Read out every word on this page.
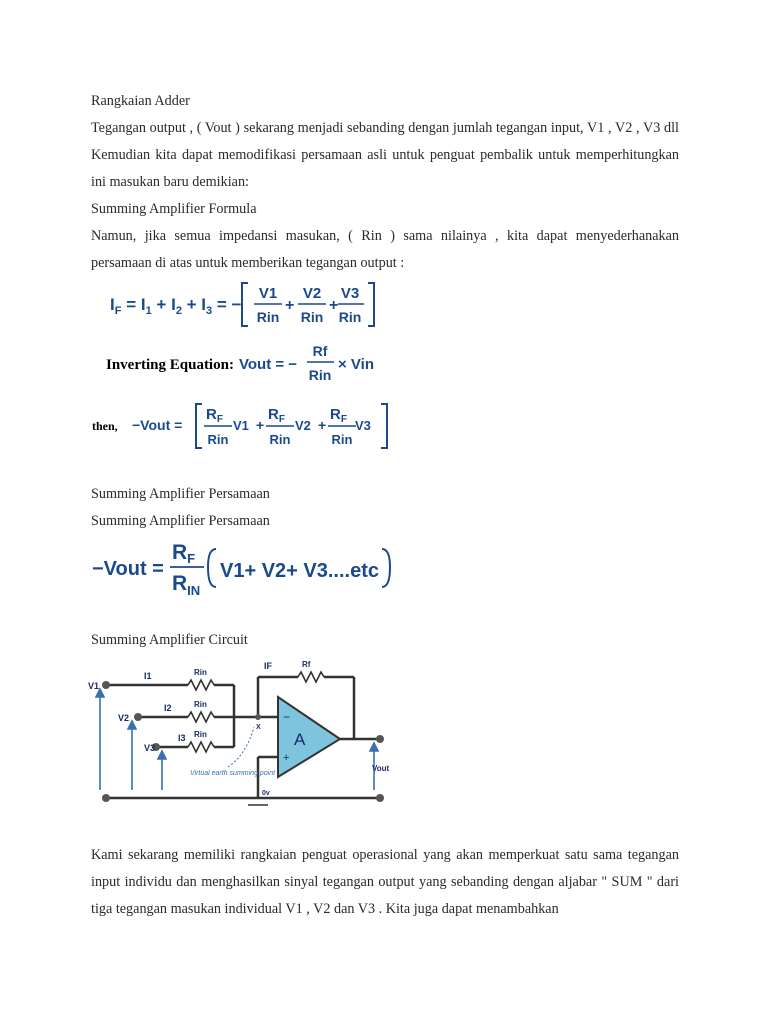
Rangkaian Adder

Tegangan output , ( Vout ) sekarang menjadi sebanding dengan jumlah tegangan input, V1 , V2 , V3 dll Kemudian kita dapat memodifikasi persamaan asli untuk penguat pembalik untuk memperhitungkan ini masukan baru demikian:

Summing Amplifier Formula

Namun, jika semua impedansi masukan, ( Rin ) sama nilainya , kita dapat menyederhanakan persamaan di atas untuk memberikan tegangan output :

$I_F = I_1 + I_2 + I_3$ = −
V1
Rin
+
V2
Rin
+
V3
Rin
Inverting Equation: Vout = −
Rf
Rin
× Vin
then, −Vout =
$R_F$
Rin
V1 +
$R_F$
Rin
V2 +
$R_F$
Rin
V3

Summing Amplifier Persamaan

Summing Amplifier Persamaan

−Vout =
RF
$R_{IN}$
V1+ V2+ V3....etc

Summing Amplifier Circuit

A
−
+
V1
V2
V3
I1
I2
I3
IF
Rin
Rin
Rin
Rf
X
0v
Vout
Virtual earth summing point

Kami sekarang memiliki rangkaian penguat operasional yang akan memperkuat satu sama tegangan input individu dan menghasilkan sinyal tegangan output yang sebanding dengan aljabar " SUM " dari tiga tegangan masukan individual V1 , V2 dan V3 . Kita juga dapat menambahkan
